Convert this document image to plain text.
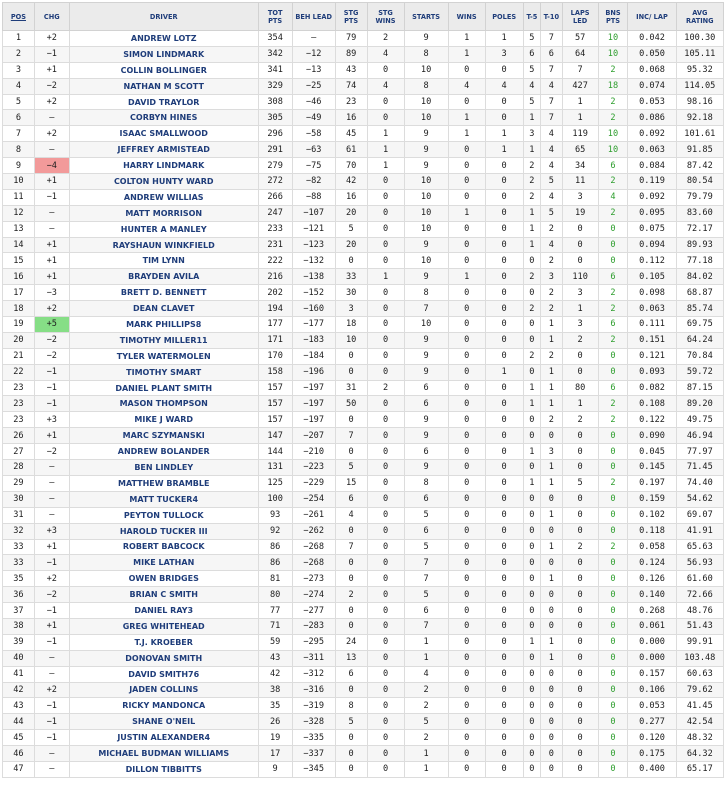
POS	CHG	DRIVER	TOT PTS	BEH LEAD	STG PTS	STG WINS	STARTS	WINS	POLES	T-5	T-10	LAPS LED	BNS PTS	INC/ LAP	AVG RATING
1	+2	ANDREW LOTZ	354	–	79	2	9	1	1	5	7	57	10	0.042	100.30
2	−1	SIMON LINDMARK	342	−12	89	4	8	1	3	6	6	64	10	0.050	105.11
3	+1	COLLIN BOLLINGER	341	−13	43	0	10	0	0	5	7	7	2	0.068	95.32
4	−2	NATHAN M SCOTT	329	−25	74	4	8	4	4	4	4	427	18	0.074	114.05
5	+2	DAVID TRAYLOR	308	−46	23	0	10	0	0	5	7	1	2	0.053	98.16
6	–	CORBYN HINES	305	−49	16	0	10	1	0	1	7	1	2	0.086	92.18
7	+2	ISAAC SMALLWOOD	296	−58	45	1	9	1	1	3	4	119	10	0.092	101.61
8	–	JEFFREY ARMISTEAD	291	−63	61	1	9	0	1	1	4	65	10	0.063	91.85
9	−4	HARRY LINDMARK	279	−75	70	1	9	0	0	2	4	34	6	0.084	87.42
10	+1	COLTON HUNTY WARD	272	−82	42	0	10	0	0	2	5	11	2	0.119	80.54
11	−1	ANDREW WILLIAS	266	−88	16	0	10	0	0	2	4	3	4	0.092	79.79
12	–	MATT MORRISON	247	−107	20	0	10	1	0	1	5	19	2	0.095	83.60
13	–	HUNTER A MANLEY	233	−121	5	0	10	0	0	1	2	0	0	0.075	72.17
14	+1	RAYSHAUN WINKFIELD	231	−123	20	0	9	0	0	1	4	0	0	0.094	89.93
15	+1	TIM LYNN	222	−132	0	0	10	0	0	0	2	0	0	0.112	77.18
16	+1	BRAYDEN AVILA	216	−138	33	1	9	1	0	2	3	110	6	0.105	84.02
17	−3	BRETT D. BENNETT	202	−152	30	0	8	0	0	0	2	3	2	0.098	68.87
18	+2	DEAN CLAVET	194	−160	3	0	7	0	0	2	2	1	2	0.063	85.74
19	+5	MARK PHILLIPS8	177	−177	18	0	10	0	0	0	1	3	6	0.111	69.75
20	−2	TIMOTHY MILLER11	171	−183	10	0	9	0	0	0	1	2	2	0.151	64.24
21	−2	TYLER WATERMOLEN	170	−184	0	0	9	0	0	2	2	0	0	0.121	70.84
22	−1	TIMOTHY SMART	158	−196	0	0	9	0	1	0	1	0	0	0.093	59.72
23	−1	DANIEL PLANT SMITH	157	−197	31	2	6	0	0	1	1	80	6	0.082	87.15
23	−1	MASON THOMPSON	157	−197	50	0	6	0	0	1	1	1	2	0.108	89.20
23	+3	MIKE J WARD	157	−197	0	0	9	0	0	0	2	2	2	0.122	49.75
26	+1	MARC SZYMANSKI	147	−207	7	0	9	0	0	0	0	0	0	0.090	46.94
27	−2	ANDREW BOLANDER	144	−210	0	0	6	0	0	1	3	0	0	0.045	77.97
28	–	BEN LINDLEY	131	−223	5	0	9	0	0	0	1	0	0	0.145	71.45
29	–	MATTHEW BRAMBLE	125	−229	15	0	8	0	0	1	1	5	2	0.197	74.40
30	–	MATT TUCKER4	100	−254	6	0	6	0	0	0	0	0	0	0.159	54.62
31	–	PEYTON TULLOCK	93	−261	4	0	5	0	0	0	1	0	0	0.102	69.07
32	+3	HAROLD TUCKER III	92	−262	0	0	6	0	0	0	0	0	0	0.118	41.91
33	+1	ROBERT BABCOCK	86	−268	7	0	5	0	0	0	1	2	2	0.058	65.63
33	−1	MIKE LATHAN	86	−268	0	0	7	0	0	0	0	0	0	0.124	56.93
35	+2	OWEN BRIDGES	81	−273	0	0	7	0	0	0	1	0	0	0.126	61.60
36	−2	BRIAN C SMITH	80	−274	2	0	5	0	0	0	0	0	0	0.140	72.66
37	−1	DANIEL RAY3	77	−277	0	0	6	0	0	0	0	0	0	0.268	48.76
38	+1	GREG WHITEHEAD	71	−283	0	0	7	0	0	0	0	0	0	0.061	51.43
39	−1	T.J. KROEBER	59	−295	24	0	1	0	0	1	1	0	0	0.000	99.91
40	–	DONOVAN SMITH	43	−311	13	0	1	0	0	0	1	0	0	0.000	103.48
41	–	DAVID SMITH76	42	−312	6	0	4	0	0	0	0	0	0	0.157	60.63
42	+2	JADEN COLLINS	38	−316	0	0	2	0	0	0	0	0	0	0.106	79.62
43	−1	RICKY MANDONCA	35	−319	8	0	2	0	0	0	0	0	0	0.053	41.45
44	−1	SHANE O'NEIL	26	−328	5	0	5	0	0	0	0	0	0	0.277	42.54
45	−1	JUSTIN ALEXANDER4	19	−335	0	0	2	0	0	0	0	0	0	0.120	48.32
46	–	MICHAEL BUDMAN WILLIAMS	17	−337	0	0	1	0	0	0	0	0	0	0.175	64.32
47	–	DILLON TIBBITTS	9	−345	0	0	1	0	0	0	0	0	0	0.400	65.17
